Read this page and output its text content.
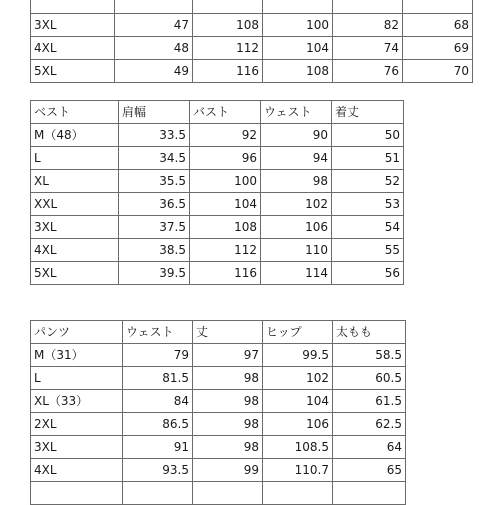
3XL	47	108	100	82	68
4XL	48	112	104	74	69
5XL	49	116	108	76	70
ベスト	肩幅	バスト	ウェスト	着丈
M（48）	33.5	92	90	50
L	34.5	96	94	51
XL	35.5	100	98	52
XXL	36.5	104	102	53
3XL	37.5	108	106	54
4XL	38.5	112	110	55
5XL	39.5	116	114	56
パンツ	ウェスト	丈	ヒップ	太もも
M（31）	79	97	99.5	58.5
L	81.5	98	102	60.5
XL（33）	84	98	104	61.5
2XL	86.5	98	106	62.5
3XL	91	98	108.5	64
4XL	93.5	99	110.7	65
